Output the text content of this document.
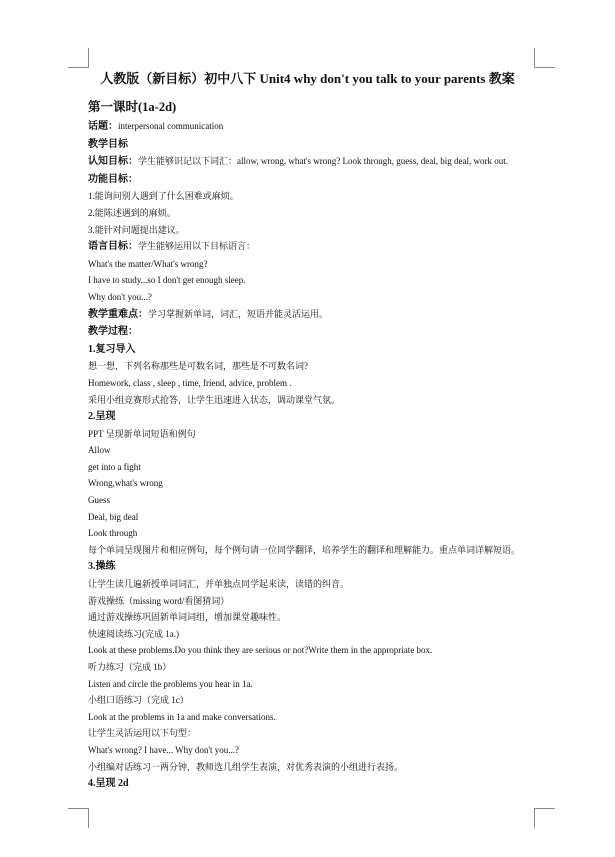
人教版（新目标）初中八下 Unit4 why don't you talk to your parents 教案
第一课时(1a-2d)
话题：interpersonal communication
教学目标
认知目标：学生能够识记以下词汇：allow, wrong, what's wrong? Look through, guess, deal, big deal, work out.
功能目标：
1.能询问别人遇到了什么困难或麻烦。
2.能陈述遇到的麻烦。
3.能针对问题提出建议。
语言目标：学生能够运用以下目标语言：
What's the matter/What's wrong?
I have to study...so I don't get enough sleep.
Why don't you...?
教学重难点：学习掌握新单词，词汇，短语并能灵活运用。
教学过程：
1.复习导入
想一想，下列名称那些是可数名词，那些是不可数名词?
Homework, class , sleep , time, friend, advice, problem .
采用小组竞赛形式抢答，让学生迅速进入状态，调动课堂气氛。
2.呈现
PPT 呈现新单词短语和例句
Allow
get into a fight
Wrong,what's wrong
Guess
Deal, big deal
Look through
每个单词呈现图片和相应例句，每个例句请一位同学翻译，培养学生的翻译和理解能力。重点单词详解短语。
3.操练
让学生读几遍新授单词词汇，并单独点同学起来读，读错的纠音。
游戏操练（missing word/看图猜词）
通过游戏操练巩固新单词词组，增加课堂趣味性。
快速阅读练习(完成 1a.)
Look at these problems.Do you think they are serious or not?Write them in the appropriate box.
听力练习（完成 1b）
Listen and circle the problems you hear in 1a.
小组口语练习（完成 1c）
Look at the problems in 1a and make conversations.
让学生灵活运用以下句型：
What's wrong? I have... Why don't you...?
小组编对话练习一两分钟，教师选几组学生表演，对优秀表演的小组进行表扬。
4.呈现 2d
